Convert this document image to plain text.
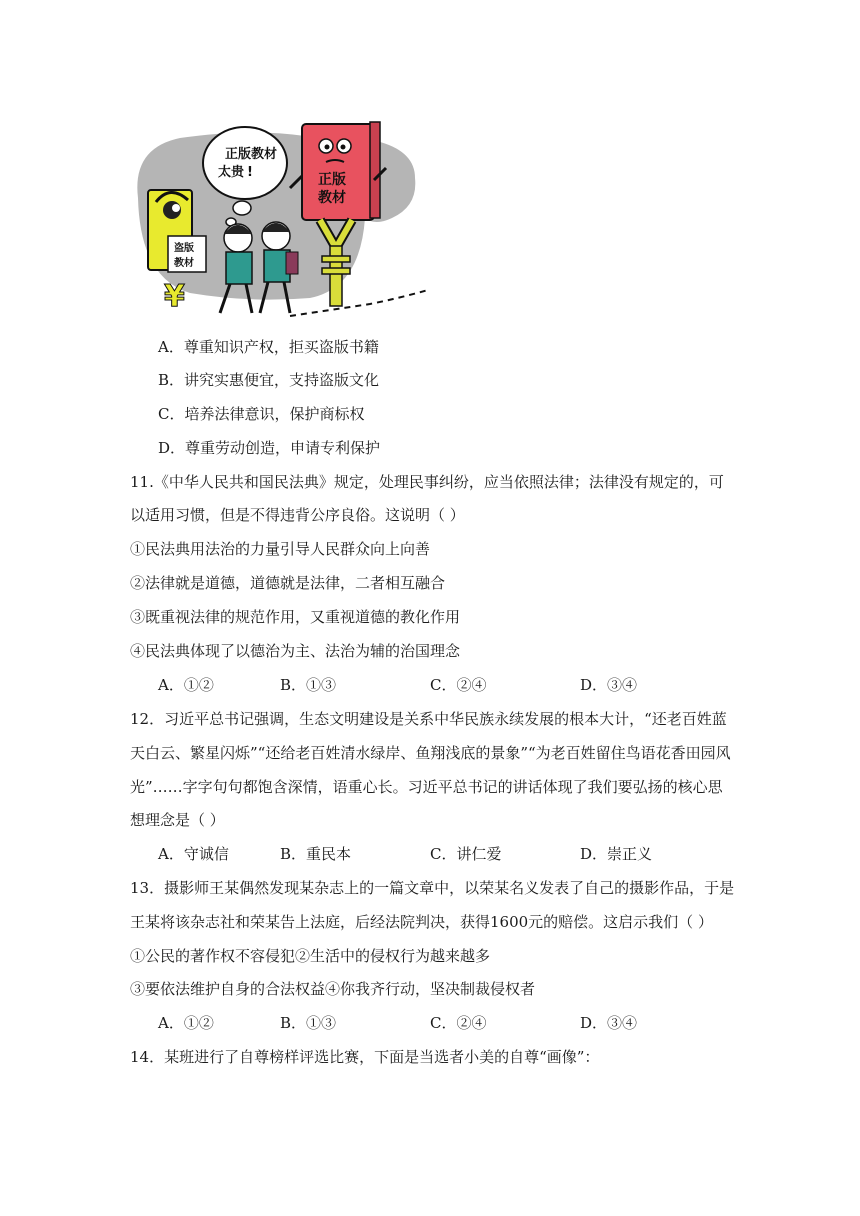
正版教材
太贵 !	正版
教材
盗版
教材
¥
A．尊重知识产权，拒买盗版书籍
B．讲究实惠便宜，支持盗版文化
C．培养法律意识，保护商标权
D．尊重劳动创造，申请专利保护
11.《中华人民共和国民法典》规定，处理民事纠纷，应当依照法律；法律没有规定的，可
以适用习惯，但是不得违背公序良俗。这说明（ ）
①民法典用法治的力量引导人民群众向上向善
②法律就是道德，道德就是法律，二者相互融合
③既重视法律的规范作用，又重视道德的教化作用
④民法典体现了以德治为主、法治为辅的治国理念
A．①②	B．①③	C．②④	D．③④
12．习近平总书记强调，生态文明建设是关系中华民族永续发展的根本大计，“还老百姓蓝
天白云、繁星闪烁”“还给老百姓清水绿岸、鱼翔浅底的景象”“为老百姓留住鸟语花香田园风
光”……字字句句都饱含深情，语重心长。习近平总书记的讲话体现了我们要弘扬的核心思
想理念是（ ）
A．守诚信	B．重民本	C．讲仁爱	D．崇正义
13．摄影师王某偶然发现某杂志上的一篇文章中，以荣某名义发表了自己的摄影作品，于是
王某将该杂志社和荣某告上法庭，后经法院判决，获得1600元的赔偿。这启示我们（ ）
①公民的著作权不容侵犯②生活中的侵权行为越来越多
③要依法维护自身的合法权益④你我齐行动，坚决制裁侵权者
A．①②	B．①③	C．②④	D．③④
14．某班进行了自尊榜样评选比赛，下面是当选者小美的自尊“画像”：
